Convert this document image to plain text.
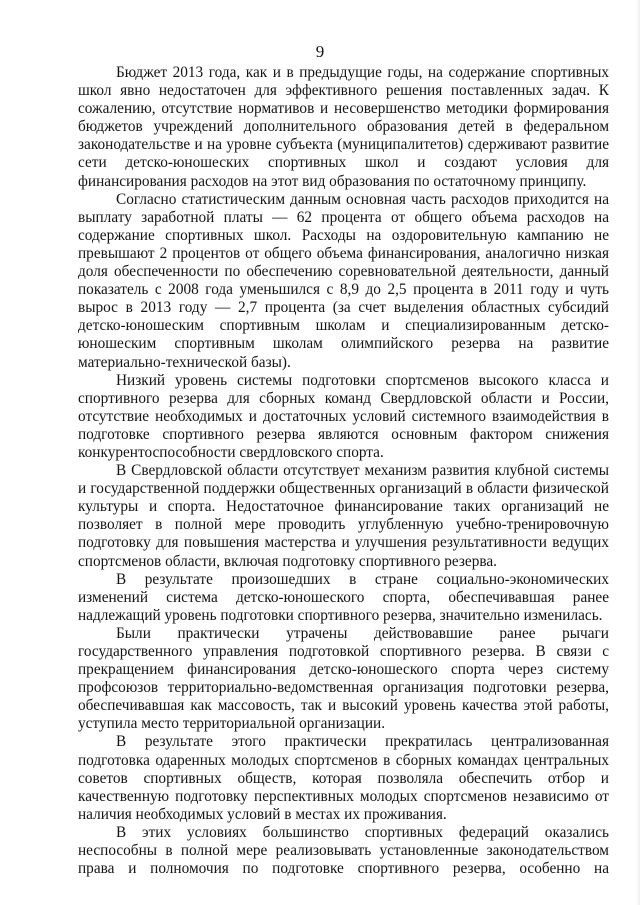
9

Бюджет 2013 года, как и в предыдущие годы, на содержание спортивных школ явно недостаточен для эффективного решения поставленных задач. К сожалению, отсутствие нормативов и несовершенство методики формирования бюджетов учреждений дополнительного образования детей в федеральном законодательстве и на уровне субъекта (муниципалитетов) сдерживают развитие сети детско-юношеских спортивных школ и создают условия для финансирования расходов на этот вид образования по остаточному принципу.

Согласно статистическим данным основная часть расходов приходится на выплату заработной платы — 62 процента от общего объема расходов на содержание спортивных школ. Расходы на оздоровительную кампанию не превышают 2 процентов от общего объема финансирования, аналогично низкая доля обеспеченности по обеспечению соревновательной деятельности, данный показатель с 2008 года уменьшился с 8,9 до 2,5 процента в 2011 году и чуть вырос в 2013 году — 2,7 процента (за счет выделения областных субсидий детско-юношеским спортивным школам и специализированным детско-юношеским спортивным школам олимпийского резерва на развитие материально-технической базы).

Низкий уровень системы подготовки спортсменов высокого класса и спортивного резерва для сборных команд Свердловской области и России, отсутствие необходимых и достаточных условий системного взаимодействия в подготовке спортивного резерва являются основным фактором снижения конкурентоспособности свердловского спорта.

В Свердловской области отсутствует механизм развития клубной системы и государственной поддержки общественных организаций в области физической культуры и спорта. Недостаточное финансирование таких организаций не позволяет в полной мере проводить углубленную учебно-тренировочную подготовку для повышения мастерства и улучшения результативности ведущих спортсменов области, включая подготовку спортивного резерва.

В результате произошедших в стране социально-экономических изменений система детско-юношеского спорта, обеспечивавшая ранее надлежащий уровень подготовки спортивного резерва, значительно изменилась.

Были практически утрачены действовавшие ранее рычаги государственного управления подготовкой спортивного резерва. В связи с прекращением финансирования детско-юношеского спорта через систему профсоюзов территориально-ведомственная организация подготовки резерва, обеспечивавшая как массовость, так и высокий уровень качества этой работы, уступила место территориальной организации.

В результате этого практически прекратилась централизованная подготовка одаренных молодых спортсменов в сборных командах центральных советов спортивных обществ, которая позволяла обеспечить отбор и качественную подготовку перспективных молодых спортсменов независимо от наличия необходимых условий в местах их проживания.

В этих условиях большинство спортивных федераций оказались неспособны в полной мере реализовывать установленные законодательством права и полномочия по подготовке спортивного резерва, особенно на
